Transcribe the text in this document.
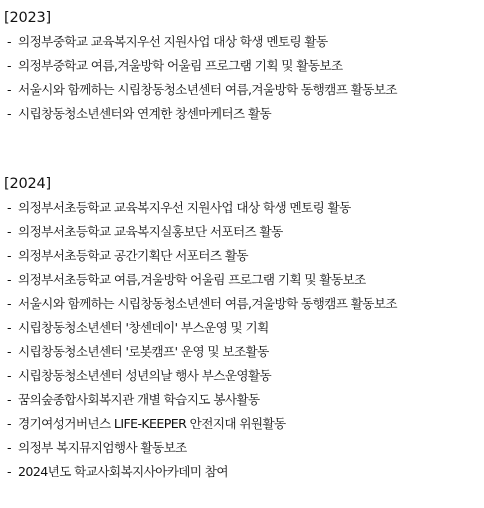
[2023]
- 의정부중학교 교육복지우선 지원사업 대상 학생 멘토링 활동
- 의정부중학교 여름,겨울방학 어울림 프로그램 기획 및 활동보조
- 서울시와 함께하는 시립창동청소년센터 여름,겨울방학 동행캠프 활동보조
- 시립창동청소년센터와 연계한 창센마케터즈 활동
[2024]
- 의정부서초등학교 교육복지우선 지원사업 대상 학생 멘토링 활동
- 의정부서초등학교 교육복지실홍보단 서포터즈 활동
- 의정부서초등학교 공간기획단 서포터즈 활동
- 의정부서초등학교 여름,겨울방학 어울림 프로그램 기획 및 활동보조
- 서울시와 함께하는 시립창동청소년센터 여름,겨울방학 동행캠프 활동보조
- 시립창동청소년센터 '창센데이' 부스운영 및 기획
- 시립창동청소년센터 '로봇캠프' 운영 및 보조활동
- 시립창동청소년센터 성년의날 행사 부스운영활동
- 꿈의숲종합사회복지관 개별 학습지도 봉사활동
- 경기여성거버넌스 LIFE-KEEPER 안전지대 위원활동
- 의정부 복지뮤지엄행사 활동보조
- 2024년도 학교사회복지사아카데미 참여
